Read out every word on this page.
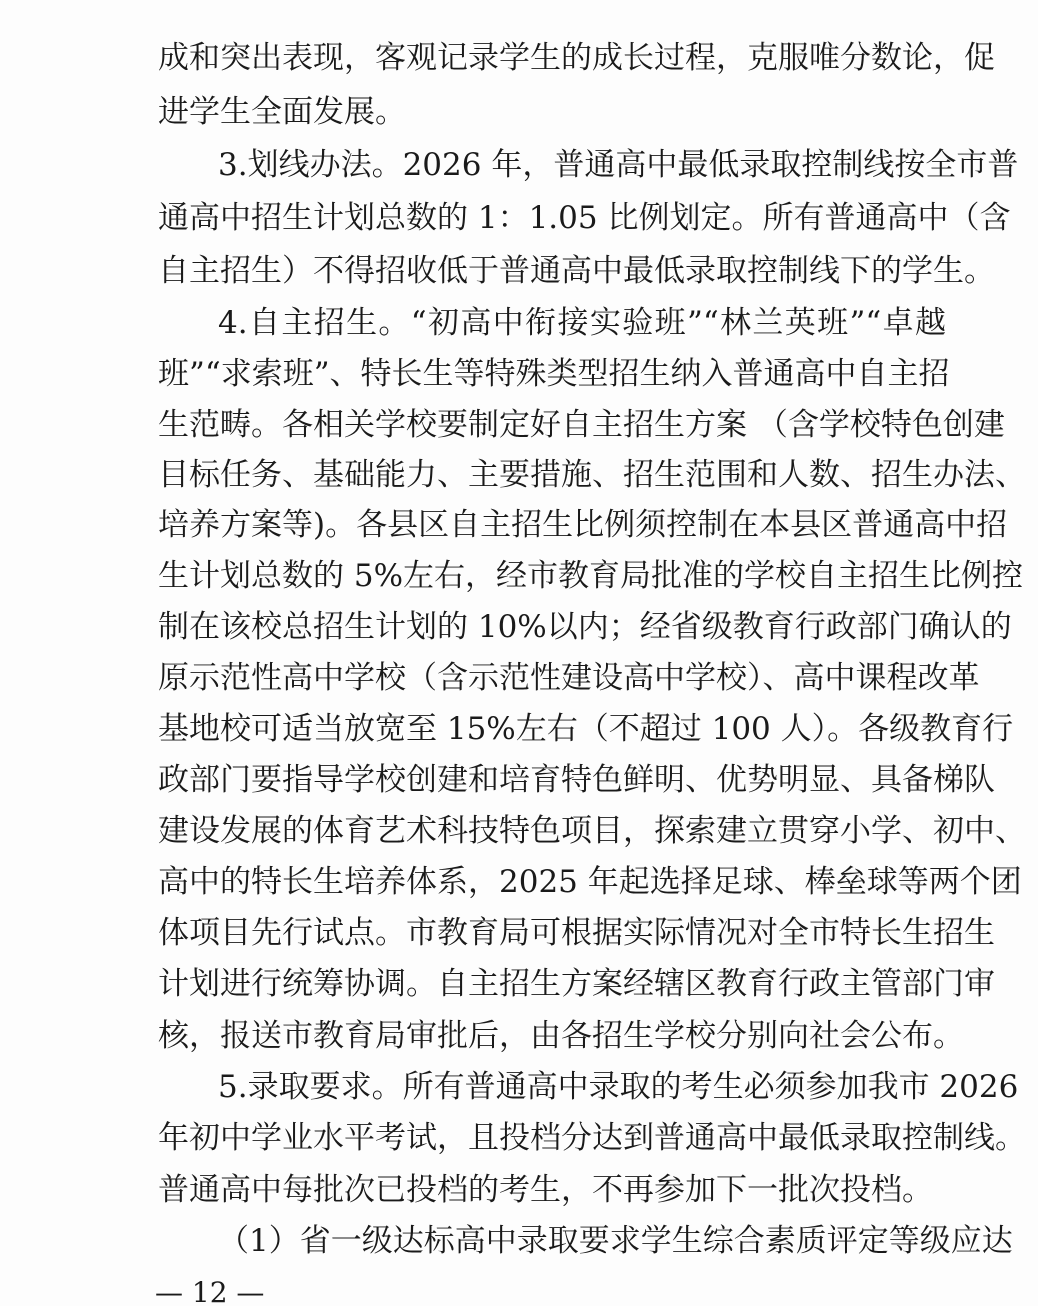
成和突出表现，客观记录学生的成长过程，克服唯分数论，促
进学生全面发展。
3.划线办法。2026 年，普通高中最低录取控制线按全市普
通高中招生计划总数的 1：1.05 比例划定。所有普通高中（含
自主招生）不得招收低于普通高中最低录取控制线下的学生。
4.自主招生。“初高中衔接实验班”“林兰英班”“卓越
班”“求索班”、特长生等特殊类型招生纳入普通高中自主招
生范畴。各相关学校要制定好自主招生方案 （含学校特色创建
目标任务、基础能力、主要措施、招生范围和人数、招生办法、
培养方案等)。各县区自主招生比例须控制在本县区普通高中招
生计划总数的 5%左右，经市教育局批准的学校自主招生比例控
制在该校总招生计划的 10%以内；经省级教育行政部门确认的
原示范性高中学校（含示范性建设高中学校）、高中课程改革
基地校可适当放宽至 15%左右（不超过 100 人）。各级教育行
政部门要指导学校创建和培育特色鲜明、优势明显、具备梯队
建设发展的体育艺术科技特色项目，探索建立贯穿小学、初中、
高中的特长生培养体系，2025 年起选择足球、棒垒球等两个团
体项目先行试点。市教育局可根据实际情况对全市特长生招生
计划进行统筹协调。自主招生方案经辖区教育行政主管部门审
核，报送市教育局审批后，由各招生学校分别向社会公布。
5.录取要求。所有普通高中录取的考生必须参加我市 2026
年初中学业水平考试，且投档分达到普通高中最低录取控制线。
普通高中每批次已投档的考生，不再参加下一批次投档。
（1）省一级达标高中录取要求学生综合素质评定等级应达
— 12 —
